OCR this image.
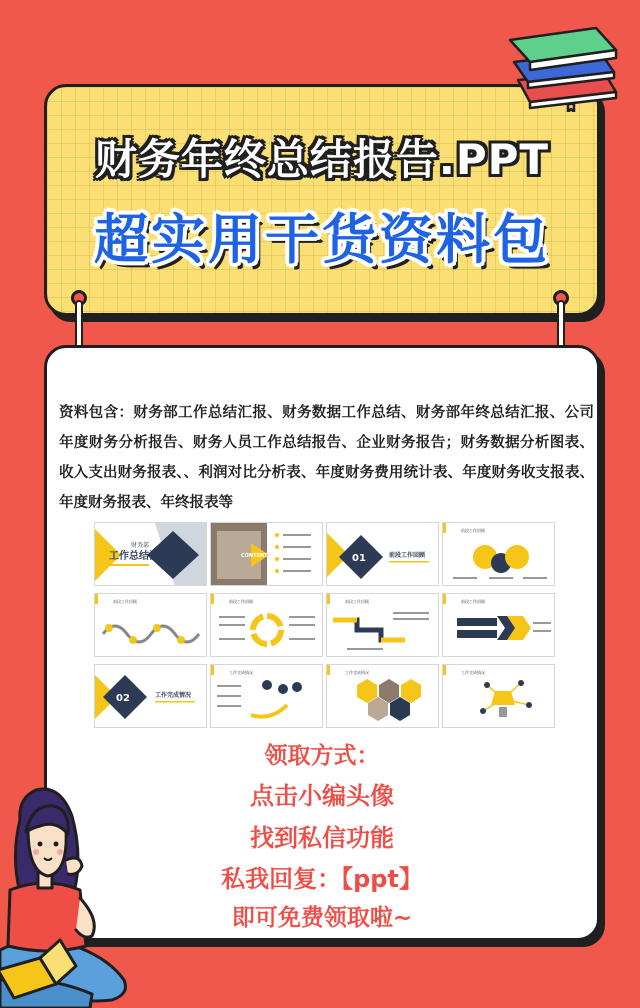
财务年终总结报告.PPT
超实用干货资料包
资料包含：财务部工作总结汇报、财务数据工作总结、财务部年终总结汇报、公司年度财务分析报告、财务人员工作总结报告、企业财务报告；财务数据分析图表、收入支出财务报表、、利润对比分析表、年度财务费用统计表、年度财务收支报表、年度财务报表、年终报表等
财务部
工作总结汇报	CONTENTS	01	前段工作回顾
前段工作回顾
前段工作回顾	前段工作回顾	前段工作回顾	前段工作回顾
02	工作完成情况
工作完成情况	工作完成情况	工作完成情况
领取方式：
点击小编头像
找到私信功能
私我回复：【ppt】
即可免费领取啦~
